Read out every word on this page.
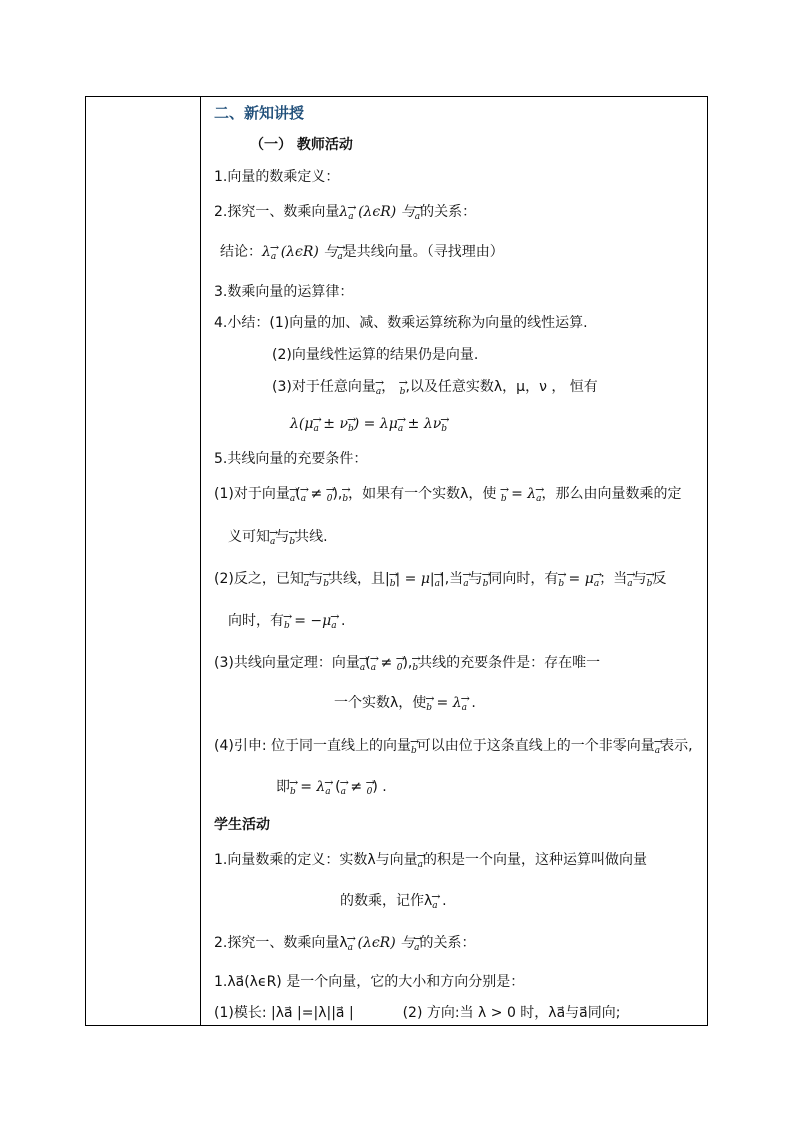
二、新知讲授
（一） 教师活动
1.向量的数乘定义：
2.探究一、数乘向量λ→ a (λϵR) 与→ a的关系：
结论：λ→ a (λϵR) 与→ a是共线向量。（寻找理由）
3.数乘向量的运算律：
4.小结：(1)向量的加、减、数乘运算统称为向量的线性运算.
(2)向量线性运算的结果仍是向量.
(3)对于任意向量→ a， → b,以及任意实数λ，μ，ν ， 恒有
λ(μ→ a ± ν→ b) = λμ→ a ± λν→ b
5.共线向量的充要条件：
(1)对于向量→ a(→ a ≠ → 0),→ b，如果有一个实数λ，使 → b = λ→ a，那么由向量数乘的定
义可知→ a与→ b共线.
(2)反之，已知→ a与→ b共线，且|→ b| = μ|→ a|,当→ a与→ b同向时，有→ b = μ→ a；当→ a与→ b反
向时，有→ b = −μ→ a .
(3)共线向量定理：向量→ a(→ a ≠ → 0),→ b共线的充要条件是：存在唯一
一个实数λ，使→ b = λ→ a .
(4)引申: 位于同一直线上的向量→ b可以由位于这条直线上的一个非零向量→ a表示,
即→ b = λ→ a (→ a ≠ → 0) .
学生活动
1.向量数乘的定义：实数λ与向量→ a的积是一个向量，这种运算叫做向量
的数乘，记作λ→ a .
2.探究一、数乘向量λ→ a (λϵR) 与→ a的关系：
1.λa⃗(λϵR) 是一个向量，它的大小和方向分别是：
(1)模长: |λa⃗ |=|λ||a⃗ |	(2) 方向:当 λ > 0 时，λa⃗与a⃗同向;
